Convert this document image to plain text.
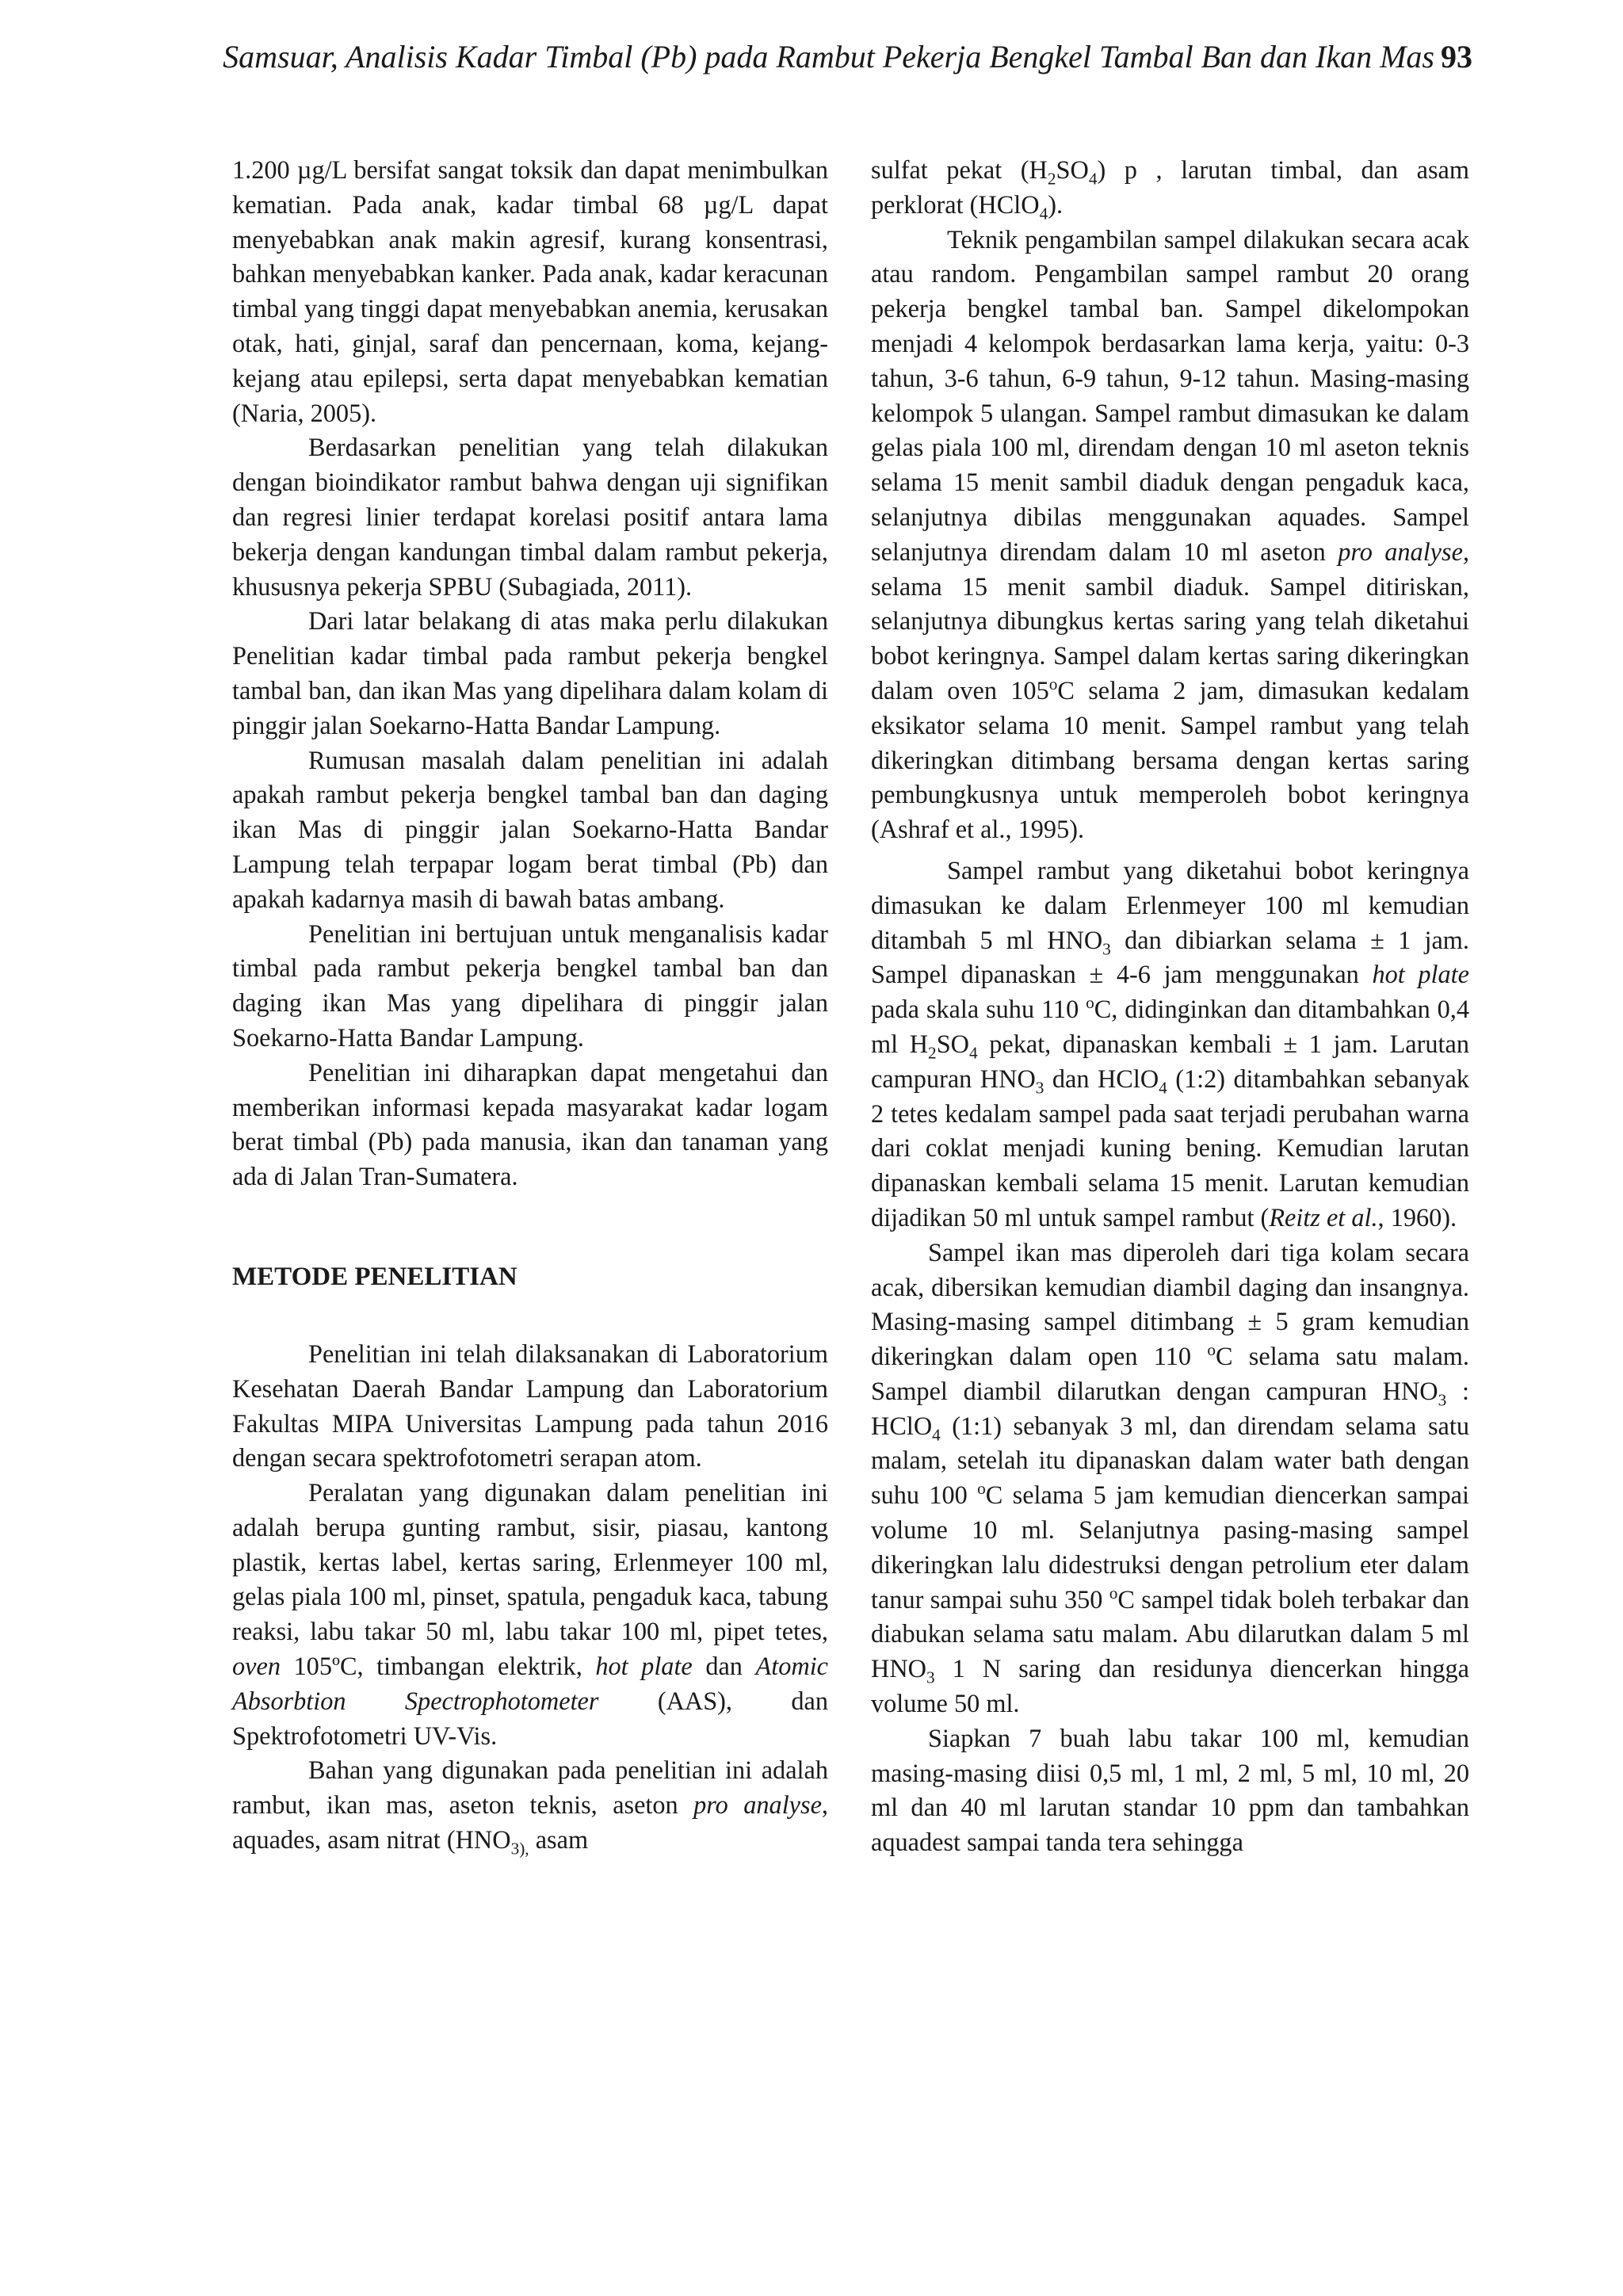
Samsuar, Analisis Kadar Timbal (Pb) pada Rambut Pekerja Bengkel Tambal Ban dan Ikan Mas 93

1.200 µg/L bersifat sangat toksik dan dapat menimbulkan kematian. Pada anak, kadar timbal 68 µg/L dapat menyebabkan anak makin agresif, kurang konsentrasi, bahkan menyebabkan kanker. Pada anak, kadar keracunan timbal yang tinggi dapat menyebabkan anemia, kerusakan otak, hati, ginjal, saraf dan pencernaan, koma, kejang-kejang atau epilepsi, serta dapat menyebabkan kematian (Naria, 2005).

Berdasarkan penelitian yang telah dilakukan dengan bioindikator rambut bahwa dengan uji signifikan dan regresi linier terdapat korelasi positif antara lama bekerja dengan kandungan timbal dalam rambut pekerja, khususnya pekerja SPBU (Subagiada, 2011).

Dari latar belakang di atas maka perlu dilakukan Penelitian kadar timbal pada rambut pekerja bengkel tambal ban, dan ikan Mas yang dipelihara dalam kolam di pinggir jalan Soekarno-Hatta Bandar Lampung.

Rumusan masalah dalam penelitian ini adalah apakah rambut pekerja bengkel tambal ban dan daging ikan Mas di pinggir jalan Soekarno-Hatta Bandar Lampung telah terpapar logam berat timbal (Pb) dan apakah kadarnya masih di bawah batas ambang.

Penelitian ini bertujuan untuk menganalisis kadar timbal pada rambut pekerja bengkel tambal ban dan daging ikan Mas yang dipelihara di pinggir jalan Soekarno-Hatta Bandar Lampung.

Penelitian ini diharapkan dapat mengetahui dan memberikan informasi kepada masyarakat kadar logam berat timbal (Pb) pada manusia, ikan dan tanaman yang ada di Jalan Tran-Sumatera.

METODE PENELITIAN

Penelitian ini telah dilaksanakan di Laboratorium Kesehatan Daerah Bandar Lampung dan Laboratorium Fakultas MIPA Universitas Lampung pada tahun 2016 dengan secara spektrofotometri serapan atom.

Peralatan yang digunakan dalam penelitian ini adalah berupa gunting rambut, sisir, piasau, kantong plastik, kertas label, kertas saring, Erlenmeyer 100 ml, gelas piala 100 ml, pinset, spatula, pengaduk kaca, tabung reaksi, labu takar 50 ml, labu takar 100 ml, pipet tetes, oven 105ºC, timbangan elektrik, hot plate dan Atomic Absorbtion Spectrophotometer (AAS), dan Spektrofotometri UV-Vis.

Bahan yang digunakan pada penelitian ini adalah rambut, ikan mas, aseton teknis, aseton pro analyse, aquades, asam nitrat ($HNO_{3),}$ asam

sulfat pekat $(H_2SO_4)$ p , larutan timbal, dan asam perklorat (HClO$_4$).

Teknik pengambilan sampel dilakukan secara acak atau random. Pengambilan sampel rambut 20 orang pekerja bengkel tambal ban. Sampel dikelompokan menjadi 4 kelompok berdasarkan lama kerja, yaitu: 0-3 tahun, 3-6 tahun, 6-9 tahun, 9-12 tahun. Masing-masing kelompok 5 ulangan. Sampel rambut dimasukan ke dalam gelas piala 100 ml, direndam dengan 10 ml aseton teknis selama 15 menit sambil diaduk dengan pengaduk kaca, selanjutnya dibilas menggunakan aquades. Sampel selanjutnya direndam dalam 10 ml aseton pro analyse, selama 15 menit sambil diaduk. Sampel ditiriskan, selanjutnya dibungkus kertas saring yang telah diketahui bobot keringnya. Sampel dalam kertas saring dikeringkan dalam oven 105$^o$C selama 2 jam, dimasukan kedalam eksikator selama 10 menit. Sampel rambut yang telah dikeringkan ditimbang bersama dengan kertas saring pembungkusnya untuk memperoleh bobot keringnya (Ashraf et al., 1995).

Sampel rambut yang diketahui bobot keringnya dimasukan ke dalam Erlenmeyer 100 ml kemudian ditambah 5 ml $HNO_3$ dan dibiarkan selama ± 1 jam. Sampel dipanaskan ± 4-6 jam menggunakan hot plate pada skala suhu 110 $^o$C, didinginkan dan ditambahkan 0,4 ml $H_2SO_4$ pekat, dipanaskan kembali ± 1 jam. Larutan campuran $HNO_3$ dan HClO$_4$ (1:2) ditambahkan sebanyak 2 tetes kedalam sampel pada saat terjadi perubahan warna dari coklat menjadi kuning bening. Kemudian larutan dipanaskan kembali selama 15 menit. Larutan kemudian dijadikan 50 ml untuk sampel rambut (Reitz et al., 1960).

Sampel ikan mas diperoleh dari tiga kolam secara acak, dibersikan kemudian diambil daging dan insangnya. Masing-masing sampel ditimbang ± 5 gram kemudian dikeringkan dalam open 110 $^o$C selama satu malam. Sampel diambil dilarutkan dengan campuran $HNO_3$ : HClO$_4$ (1:1) sebanyak 3 ml, dan direndam selama satu malam, setelah itu dipanaskan dalam water bath dengan suhu 100 $^o$C selama 5 jam kemudian diencerkan sampai volume 10 ml. Selanjutnya pasing-masing sampel dikeringkan lalu didestruksi dengan petrolium eter dalam tanur sampai suhu 350 $^o$C sampel tidak boleh terbakar dan diabukan selama satu malam. Abu dilarutkan dalam 5 ml $HNO_3$ 1 N saring dan residunya diencerkan hingga volume 50 ml.

Siapkan 7 buah labu takar 100 ml, kemudian masing-masing diisi 0,5 ml, 1 ml, 2 ml, 5 ml, 10 ml, 20 ml dan 40 ml larutan standar 10 ppm dan tambahkan aquadest sampai tanda tera sehingga
